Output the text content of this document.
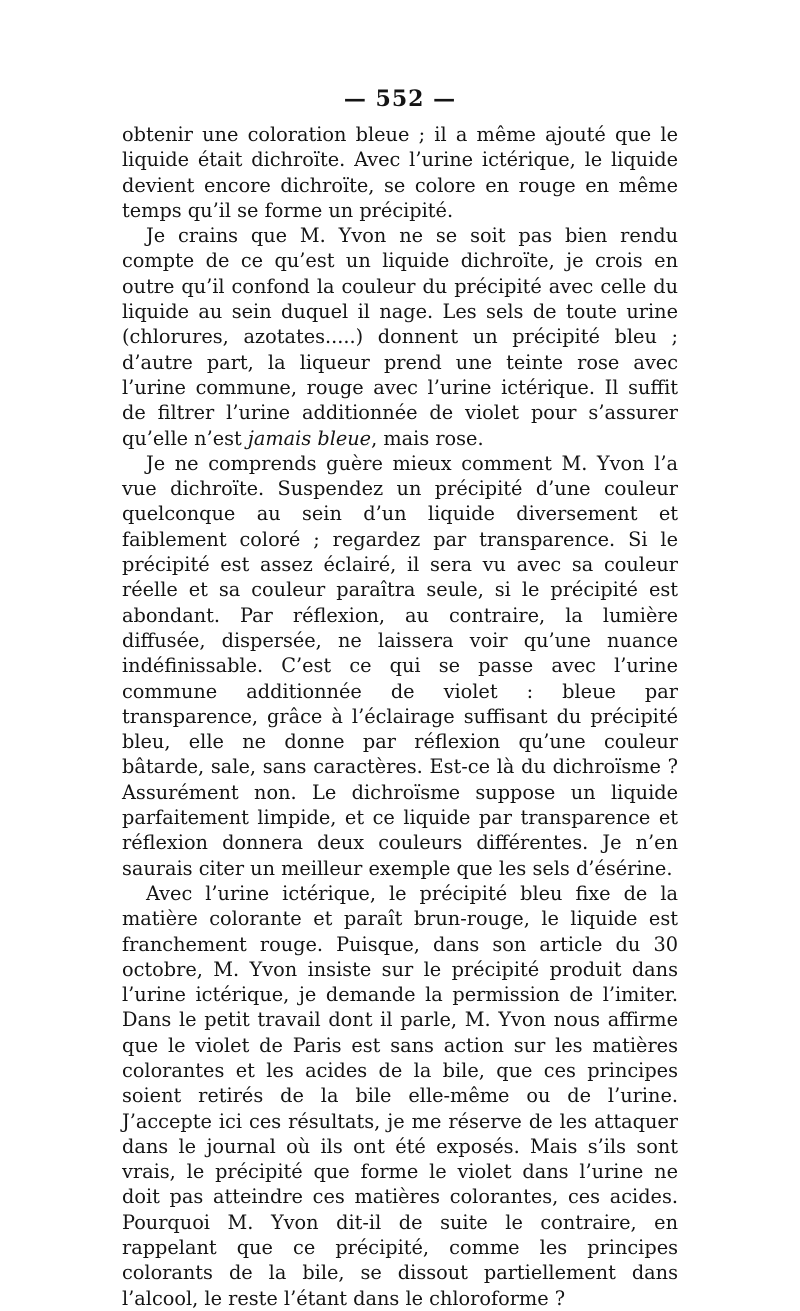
— 552 —

obtenir une coloration bleue ; il a même ajouté que le liquide était dichroïte. Avec l’urine ictérique, le liquide devient encore dichroïte, se colore en rouge en même temps qu’il se forme un précipité.

Je crains que M. Yvon ne se soit pas bien rendu compte de ce qu’est un liquide dichroïte, je crois en outre qu’il confond la couleur du précipité avec celle du liquide au sein duquel il nage. Les sels de toute urine (chlorures, azotates.....) donnent un précipité bleu ; d’autre part, la liqueur prend une teinte rose avec l’urine commune, rouge avec l’urine ictérique. Il suffit de filtrer l’urine additionnée de violet pour s’assurer qu’elle n’est jamais bleue, mais rose.

Je ne comprends guère mieux comment M. Yvon l’a vue dichroïte. Suspendez un précipité d’une couleur quelconque au sein d’un liquide diversement et faiblement coloré ; regardez par transparence. Si le précipité est assez éclairé, il sera vu avec sa couleur réelle et sa couleur paraîtra seule, si le précipité est abondant. Par réflexion, au contraire, la lumière diffusée, dispersée, ne laissera voir qu’une nuance indéfinissable. C’est ce qui se passe avec l’urine commune additionnée de violet : bleue par transparence, grâce à l’éclairage suffisant du précipité bleu, elle ne donne par réflexion qu’une couleur bâtarde, sale, sans caractères. Est-ce là du dichroïsme ? Assurément non. Le dichroïsme suppose un liquide parfaitement limpide, et ce liquide par transparence et réflexion donnera deux couleurs différentes. Je n’en saurais citer un meilleur exemple que les sels d’ésérine.

Avec l’urine ictérique, le précipité bleu fixe de la matière colorante et paraît brun-rouge, le liquide est franchement rouge. Puisque, dans son article du 30 octobre, M. Yvon insiste sur le précipité produit dans l’urine ictérique, je demande la permission de l’imiter. Dans le petit travail dont il parle, M. Yvon nous affirme que le violet de Paris est sans action sur les matières colorantes et les acides de la bile, que ces principes soient retirés de la bile elle-même ou de l’urine. J’accepte ici ces résultats, je me réserve de les attaquer dans le journal où ils ont été exposés. Mais s’ils sont vrais, le précipité que forme le violet dans l’urine ne doit pas atteindre ces matières colorantes, ces acides. Pourquoi M. Yvon dit-il de suite le contraire, en rappelant que ce précipité, comme les principes colorants de la bile, se dissout partiellement dans l’alcool, le reste l’étant dans le chloroforme ?
